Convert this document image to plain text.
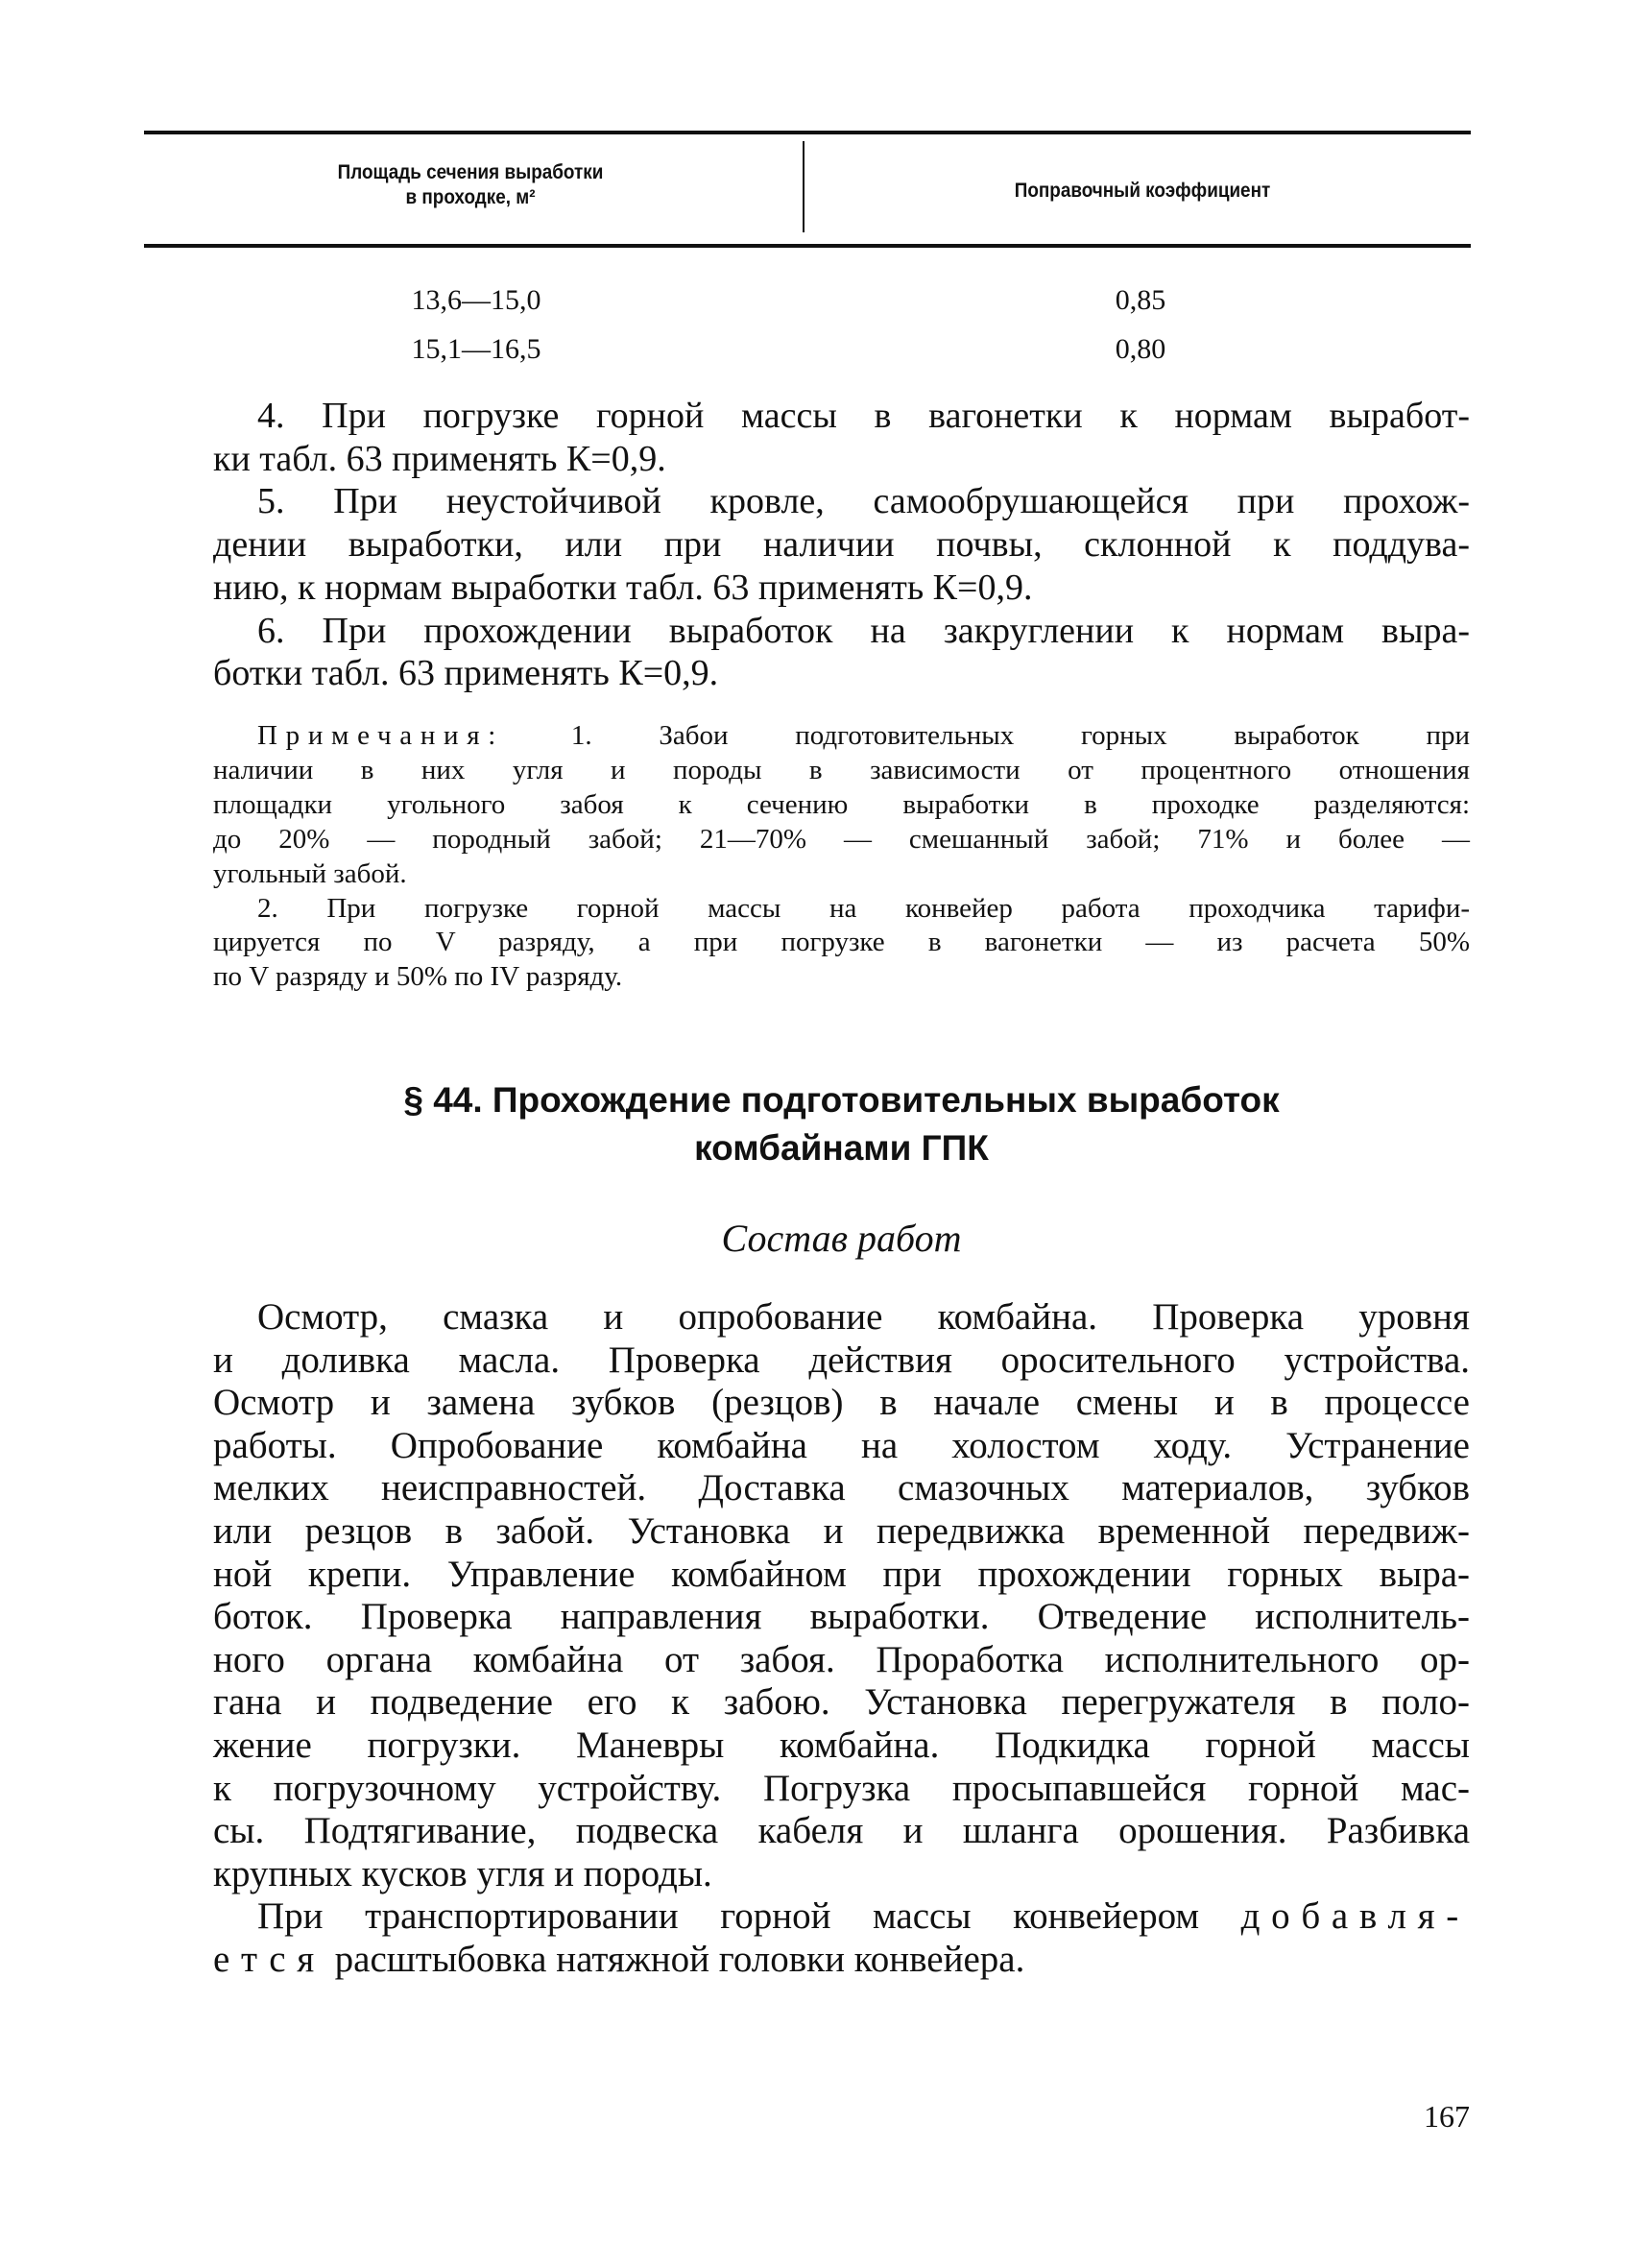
Площадь сечения выработки
в проходке, м²	Поправочный коэффициент
13,6—15,0	0,85
15,1—16,5	0,80
4. При погрузке горной массы в вагонетки к нормам выработ-
ки табл. 63 применять К=0,9.
5. При неустойчивой кровле, самообрушающейся при прохож-
дении выработки, или при наличии почвы, склонной к поддува-
нию, к нормам выработки табл. 63 применять К=0,9.
6. При прохождении выработок на закруглении к нормам выра-
ботки табл. 63 применять К=0,9.
Примечания: 1. Забои подготовительных горных выработок при
наличии в них угля и породы в зависимости от процентного отношения
площадки угольного забоя к сечению выработки в проходке разделяются:
до 20% — породный забой; 21—70% — смешанный забой; 71% и более —
угольный забой.
2. При погрузке горной массы на конвейер работа проходчика тарифи-
цируется по V разряду, а при погрузке в вагонетки — из расчета 50%
по V разряду и 50% по IV разряду.
§ 44. Прохождение подготовительных выработок
комбайнами ГПК
Состав работ
Осмотр, смазка и опробование комбайна. Проверка уровня
и доливка масла. Проверка действия оросительного устройства.
Осмотр и замена зубков (резцов) в начале смены и в процессе
работы. Опробование комбайна на холостом ходу. Устранение
мелких неисправностей. Доставка смазочных материалов, зубков
или резцов в забой. Установка и передвижка временной передвиж-
ной крепи. Управление комбайном при прохождении горных выра-
боток. Проверка направления выработки. Отведение исполнитель-
ного органа комбайна от забоя. Проработка исполнительного ор-
гана и подведение его к забою. Установка перегружателя в поло-
жение погрузки. Маневры комбайна. Подкидка горной массы
к погрузочному устройству. Погрузка просыпавшейся горной мас-
сы. Подтягивание, подвеска кабеля и шланга орошения. Разбивка
крупных кусков угля и породы.
При транспортировании горной массы конвейером добавля-
ется расштыбовка натяжной головки конвейера.
167
